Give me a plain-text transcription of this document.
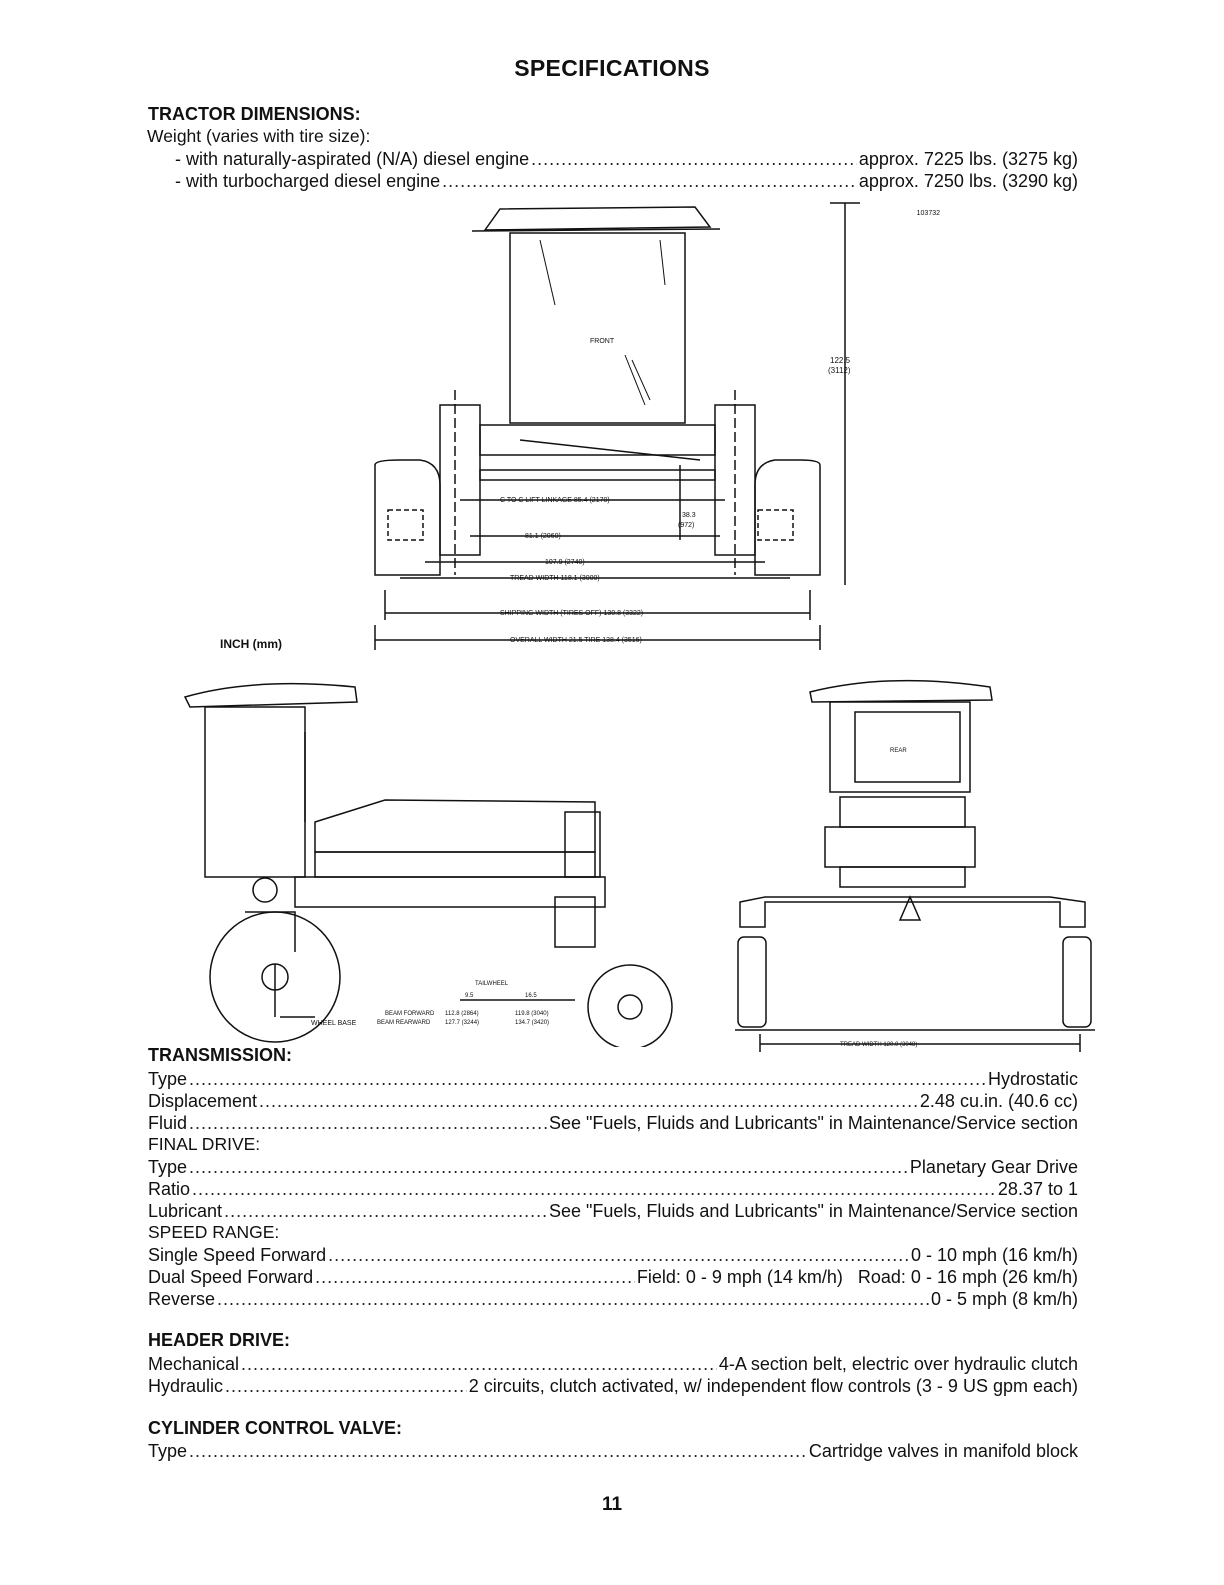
SPECIFICATIONS
TRACTOR DIMENSIONS:
Weight (varies with tire size):
- with naturally-aspirated (N/A) diesel engine .....	approx. 7225 lbs. (3275 kg)
- with turbocharged diesel engine .....	approx. 7250 lbs. (3290 kg)
FRONT
122.5
(3112)
103732
C TO C LIFT LINKAGE 85.4 (2170)
38.3
(972)
81.1 (2060)
107.9 (2740)
TREAD WIDTH 118.1 (3000)
SHIPPING WIDTH (TIRES OFF) 130.8 (3322)
OVERALL WIDTH 21.5 TIRE 138.4 (3516)
INCH (mm)
WHEEL BASE
TAILWHEEL
9.5	16.5
BEAM FORWARD
BEAM REARWARD
112.8 (2864)	119.8 (3040)
127.7 (3244)	134.7 (3420)
REAR
TREAD WIDTH 120.0 (3048)
TRANSMISSION:
Type .....	Hydrostatic
Displacement .....	2.48 cu.in. (40.6 cc)
Fluid .....	See "Fuels, Fluids and Lubricants" in Maintenance/Service section
FINAL DRIVE:
Type .....	Planetary Gear Drive
Ratio .....	28.37 to 1
Lubricant .....	See "Fuels, Fluids and Lubricants" in Maintenance/Service section
SPEED RANGE:
Single Speed Forward .....	0 - 10 mph (16 km/h)
Dual Speed Forward .....	Field: 0 - 9 mph (14 km/h)   Road: 0 - 16 mph (26 km/h)
Reverse .....	0 - 5 mph (8 km/h)
HEADER DRIVE:
Mechanical .....	4-A section belt, electric over hydraulic clutch
Hydraulic .....	2 circuits, clutch activated, w/ independent flow controls (3 - 9 US gpm each)
CYLINDER CONTROL VALVE:
Type .....	Cartridge valves in manifold block
11
